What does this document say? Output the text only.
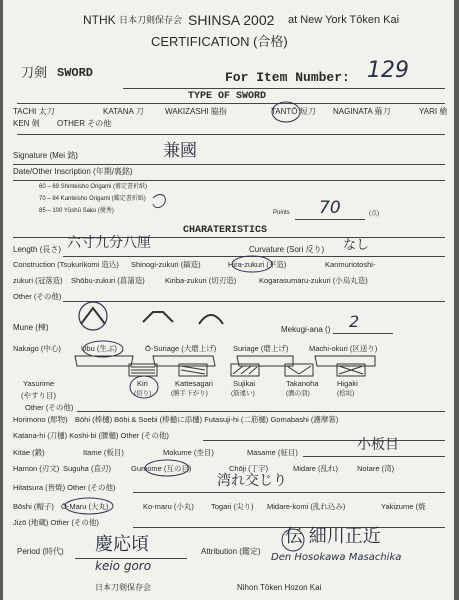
NTHK 日本刀剣保存会 SHINSA 2002 at New York Tōken Kai
CERTIFICATION (合格)
刀剣 SWORD	For Item Number: 129
TYPE OF SWORD
TACHI 太刀	KATANA 刀	WAKIZASHI 脇指	TANTŌ 短刀 NAGINATA 薙刀	YARI 槍
KEN 剣 OTHER その他
Signature (Mei 銘)	兼國
Date/Other Inscription (年期/裏銘)
60 – 69 Shinteisho Origami (審定書折紙)
70 – 84 Kanteisho Origami (鑑定書折紙)
85 – 100 Yūshū Saku (優秀)	Points 70	(点)
CHARATERISTICS
Length (長さ) 六寸九分八厘	Curvature (Sori 反り) なし
Construction (Tsukurikomi 造込) Shinogi-zukuri (鎬造)	Hira-zukuri (平造)	Kanmuriotoshi-
zukuri (冠落造) Shōbu-zukuri (菖蒲造)	Kiriba-zukuri (切刃造)	Kogarasumaru-zukuri (小烏丸造)
Other (その他)
Mune (棟)	Mekugi-ana () 2
Nakago (中心)	Ubu (生ぶ)	Ō-Suriage (大磨上げ) Suriage (磨上げ)	Machi-okuri (区送り)
Yasurime
(やすり目)
Kiri
(切り)
Kattesagari
(勝手下がり)
Sujikai
(筋違い)
Takanoha
(鷹の羽)
Higaki
(桧垣)
Other (その他)
Horimono (彫物) Bōhi (棒樋) Bōhi & Soebi (棒樋に添樋) Futasuji-hi (二筋樋) Gomabashi (護摩箸)
Katana-hi (刀樋) Koshi-bi (腰樋) Other (その他)
Kitae (鍛)	Itame (板目)	Mokume (杢目)	Masame (柾目)	小板目
Hamon (刃文) Suguha (直刃)	Gumome (互の目)	Chōji (丁字)	Midare (乱れ)	Notare (湾)
湾れ交じり
Hitatsura (皆焼) Other (その他)
Bōshi (帽子) Ō-Maru (大丸)	Ko-maru (小丸) Togari (尖り) Midare-komi (乱れ込み)	Yakizume (焼
Jizō (地蔵) Other (その他)
Period (時代) 慶応頃
keio goro
Attribution (鑑定)
伝 細川正近
Den Hosokawa Masachika
日本刀剣保存会	Nihon Tōken Hozon Kai
